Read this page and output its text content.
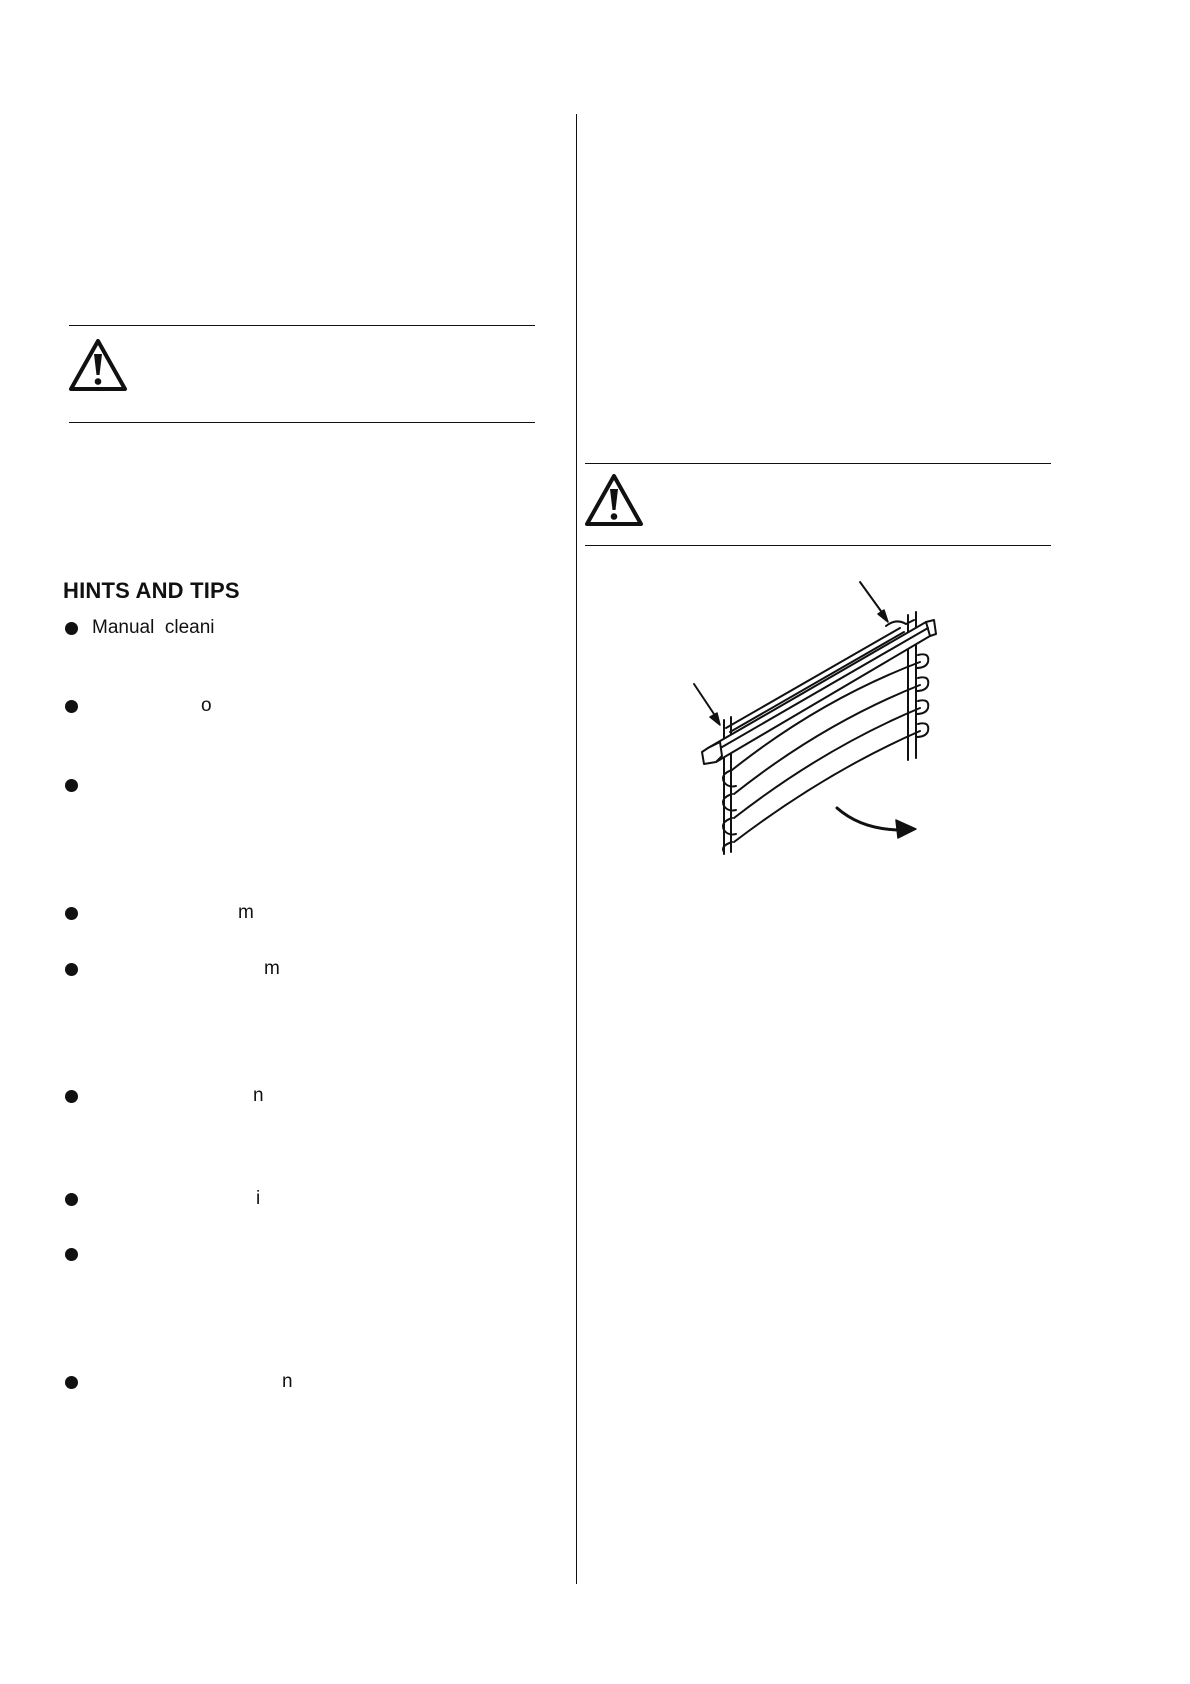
HINTS AND TIPS
Manual  cleani
o
m
m
n
i
n
